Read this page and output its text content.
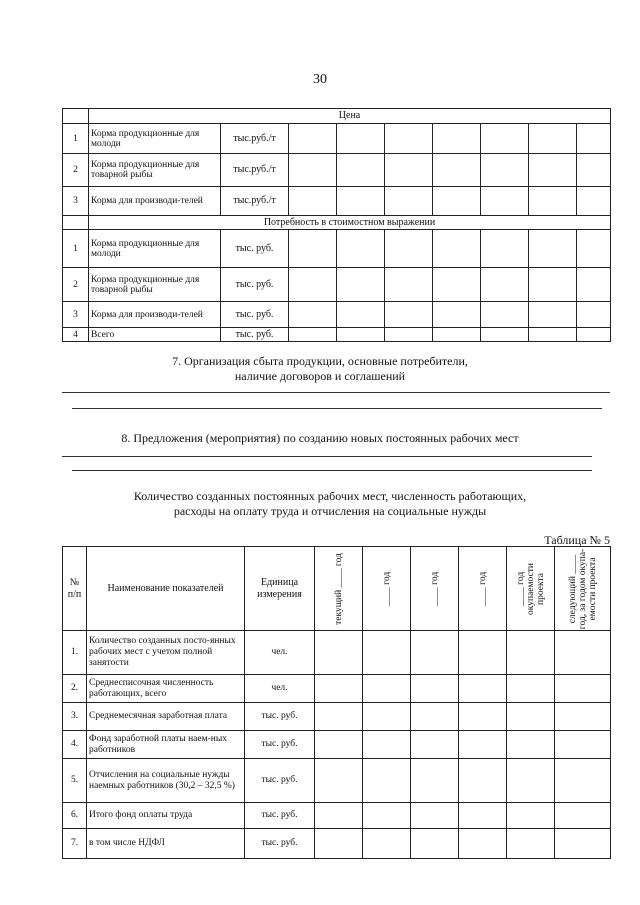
30
	Цена								
1	Корма продукционные для молоди	тыс.руб./т							
2	Корма продукционные для товарной рыбы	тыс.руб./т							
3	Корма для производи-телей	тыс.руб./т							
	Потребность в стоимостном выражении								
1	Корма продукционные для молоди	тыс. руб.							
2	Корма продукционные для товарной рыбы	тыс. руб.							
3	Корма для производи-телей	тыс. руб.							
4	Всего	тыс. руб.							
7. Организация сбыта продукции, основные потребители,
наличие договоров и соглашений
8. Предложения (мероприятия) по созданию новых постоянных рабочих мест
Количество созданных постоянных рабочих мест, численность работающих,
расходы на оплату труда и отчисления на социальные нужды
Таблица № 5
№ п/п	Наименование показателей	Единица измерения	текущий ____ год	____ год	____ год	____ год	____ год окупаемости проекта	следующий ____ год, за годом окупа-емости проекта

1.	Количество созданных посто-янных рабочих мест с учетом полной занятости	чел.						
2.	Среднесписочная численность работающих, всего	чел.						
3.	Среднемесячная заработная плата	тыс. руб.						
4.	Фонд заработной платы наем-ных работников	тыс. руб.						
5.	Отчисления на социальные нужды наемных работников (30,2 – 32,5 %)	тыс. руб.						
6.	Итого фонд оплаты труда	тыс. руб.						
7.	в том числе НДФЛ	тыс. руб.						
